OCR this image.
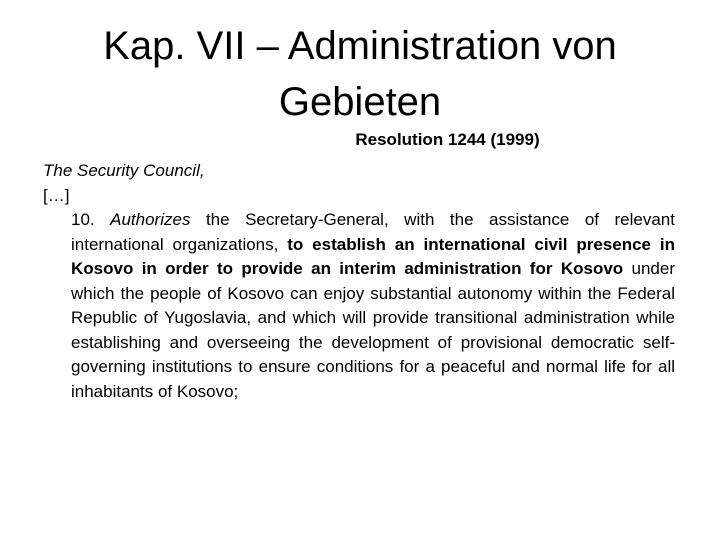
Kap. VII – Administration von Gebieten
Resolution 1244 (1999)
The Security Council,
[…]
10. Authorizes the Secretary-General, with the assistance of relevant international organizations, to establish an international civil presence in Kosovo in order to provide an interim administration for Kosovo under which the people of Kosovo can enjoy substantial autonomy within the Federal Republic of Yugoslavia, and which will provide transitional administration while establishing and overseeing the development of provisional democratic self-governing institutions to ensure conditions for a peaceful and normal life for all inhabitants of Kosovo;
